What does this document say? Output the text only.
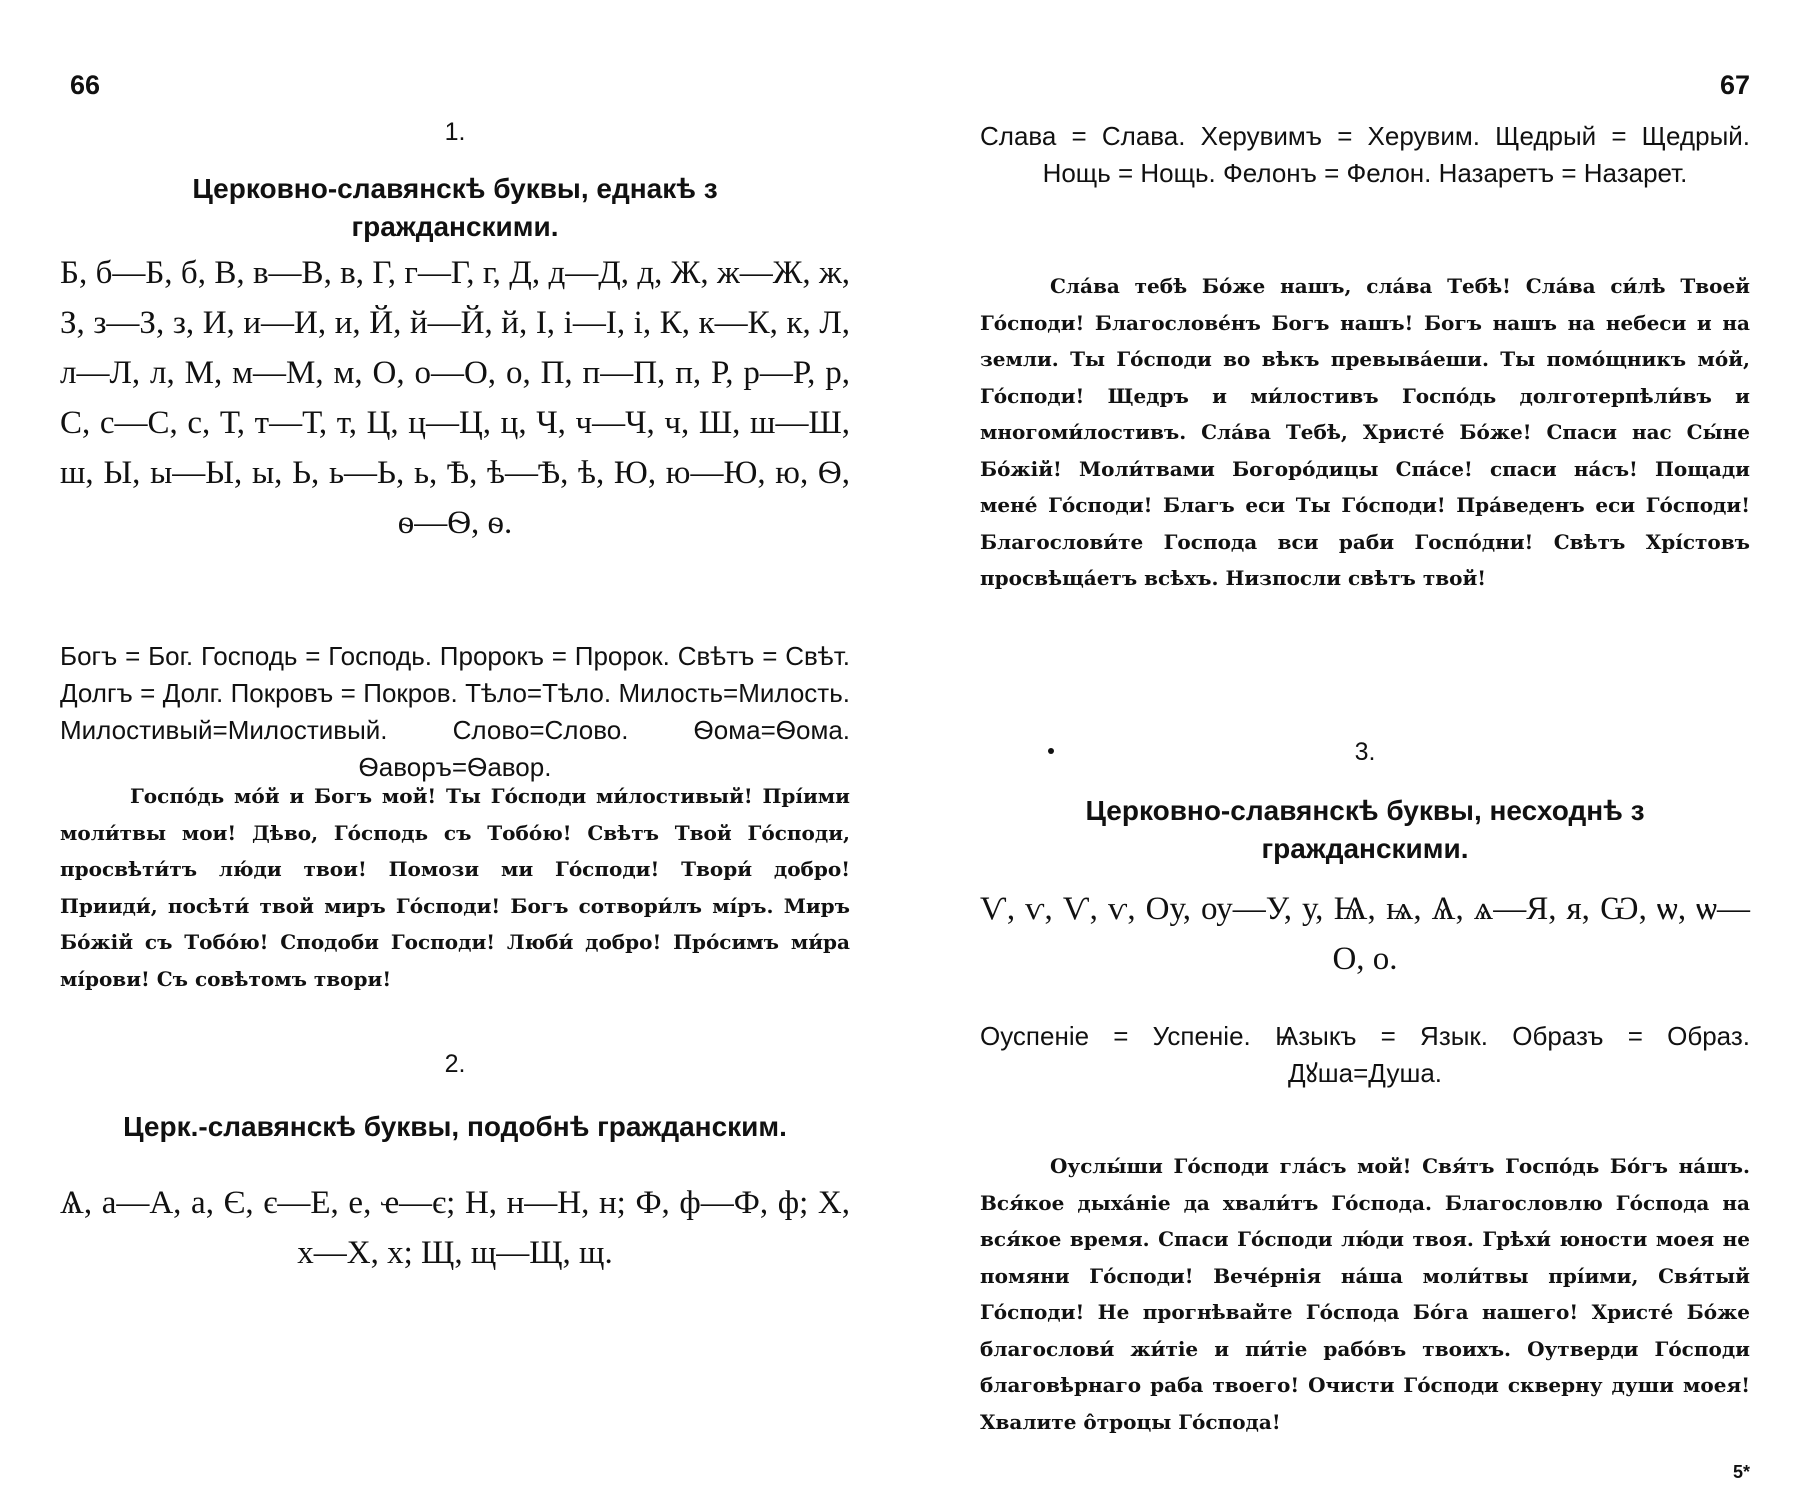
66
1.
Церковно-славянскѣ буквы, еднакѣ з гражданскими.

Б, б—Б, б, В, в—В, в, Г, г—Г, г, Д, д—Д, д, Ж, ж—Ж, ж, З, з—З, з, И, и—И, и, Й, й—Й, й, І, і—І, і, К, к—К, к, Л, л—Л, л, М, м—М, м, О, о—О, о, П, п—П, п, Р, р—Р, р, С, с—С, с, Т, т—Т, т, Ц, ц—Ц, ц, Ч, ч—Ч, ч, Ш, ш—Ш, ш, Ы, ы—Ы, ы, Ь, ь—Ь, ь, Ѣ, ѣ—Ѣ, ѣ, Ю, ю—Ю, ю, Ѳ, ѳ—Ѳ, ѳ.

Богъ = Бог. Господь = Господь. Пророкъ = Пророк. Свѣтъ = Свѣт. Долгъ = Долг. Покровъ = Покров. Тѣло=Тѣло. Милость=Милость. Милостивый=Милостивый. Слово=Слово. Ѳома=Ѳома. Ѳаворъ=Ѳавор.

Госпо́дь мо́й и Богъ мой! Ты Го́споди ми́лостивый! Прі́ими моли́твы мои! Дѣво, Го́сподь съ Тобо́ю! Свѣтъ Твой Го́споди, просвѣти́тъ лю́ди твои! Помози ми Го́споди! Твори́ добро! Прииди́, посѣти́ твой миръ Го́споди! Богъ сотвори́лъ мі́ръ. Миръ Бо́жій съ Тобо́ю! Сподоби Господи! Люби́ добро! Про́симъ ми́ра мі́рови! Съ совѣтомъ твори!

2.
Церк.-славянскѣ буквы, подобнѣ гражданским.

Ѧ, а—А, а, Є, є—Е, е, ҽ—є; Н, н—Н, н; Ф, ф—Ф, ф; Х, х—Х, х; Щ, щ—Щ, щ.

67

Слава = Слава. Херувимъ = Херувим. Щедрый = Щедрый. Нощь = Нощь. Фелонъ = Фелон. Назаретъ = Назарет.

Сла́ва тебѣ Бо́же нашъ, сла́ва Тебѣ! Сла́ва си́лѣ Твоей Го́споди! Благослове́нъ Богъ нашъ! Богъ нашъ на небеси и на земли. Ты Го́споди во вѣкъ превыва́еши. Ты помо́щникъ мо́й, Го́споди! Щедръ и ми́лостивъ Госпо́дь долготерпѣли́въ и многоми́лостивъ. Сла́ва Тебѣ, Христе́ Бо́же! Спаси нас Сы́не Бо́жій! Моли́твами Богоро́дицы Спа́се! спаси на́съ! Пощади мене́ Го́споди! Благъ еси Ты Го́споди! Пра́веденъ еси Го́споди! Благослови́те Господа вси раби Госпо́дни! Свѣтъ Хрі́стовъ просвѣща́етъ всѣхъ. Низпосли свѣтъ твой!

3.
Церковно-славянскѣ буквы, несходнѣ з гражданскими.

Ѵ, ѵ, Ѵ, ѵ, Оу, оу—У, у, Ѩ, ѩ, Ѧ, ѧ—Я, я, Ѡ, ѡ, ѡ—О, о.

Оуспеніе = Успеніе. Ѩзыкъ = Язык. Образъ = Образ. Дꙋша=Душа.

Оуслы́ши Го́споди гла́съ мой! Свя́тъ Госпо́дь Бо́гъ на́шъ. Вся́кое дыха́ніе да хвали́тъ Го́спода. Благословлю Го́спода на вся́кое время. Спаси Го́споди лю́ди твоя. Грѣхи́ юности моея не помяни Го́споди! Вече́рнія на́ша моли́твы прі́ими, Свя́тый Го́споди! Не прогнѣвайте Го́спода Бо́га нашего! Христе́ Бо́же благослови́ жи́тіе и пи́тіе рабо́въ твоихъ. Оутверди Го́споди благовѣрнаго раба твоего! Очисти Го́споди скверну души моея! Хвалите о̂троцы Го́спода!

5*
